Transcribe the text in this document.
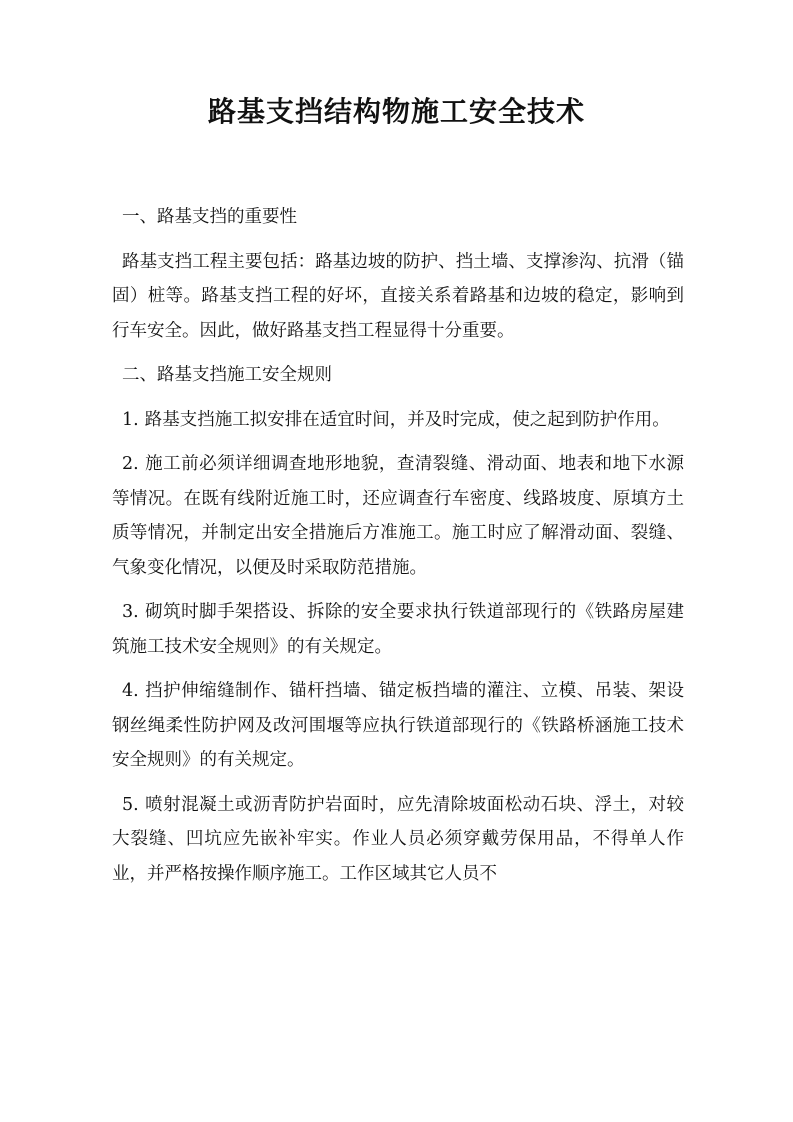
路基支挡结构物施工安全技术

一、路基支挡的重要性

路基支挡工程主要包括：路基边坡的防护、挡土墙、支撑渗沟、抗滑（锚固）桩等。路基支挡工程的好坏，直接关系着路基和边坡的稳定，影响到行车安全。因此，做好路基支挡工程显得十分重要。

二、路基支挡施工安全规则

1. 路基支挡施工拟安排在适宜时间，并及时完成，使之起到防护作用。

2. 施工前必须详细调查地形地貌，查清裂缝、滑动面、地表和地下水源等情况。在既有线附近施工时，还应调查行车密度、线路坡度、原填方土质等情况，并制定出安全措施后方准施工。施工时应了解滑动面、裂缝、气象变化情况，以便及时采取防范措施。

3. 砌筑时脚手架搭设、拆除的安全要求执行铁道部现行的《铁路房屋建筑施工技术安全规则》的有关规定。

4. 挡护伸缩缝制作、锚杆挡墙、锚定板挡墙的灌注、立模、吊装、架设钢丝绳柔性防护网及改河围堰等应执行铁道部现行的《铁路桥涵施工技术安全规则》的有关规定。

5. 喷射混凝土或沥青防护岩面时，应先清除坡面松动石块、浮土，对较大裂缝、凹坑应先嵌补牢实。作业人员必须穿戴劳保用品，不得单人作业，并严格按操作顺序施工。工作区域其它人员不
